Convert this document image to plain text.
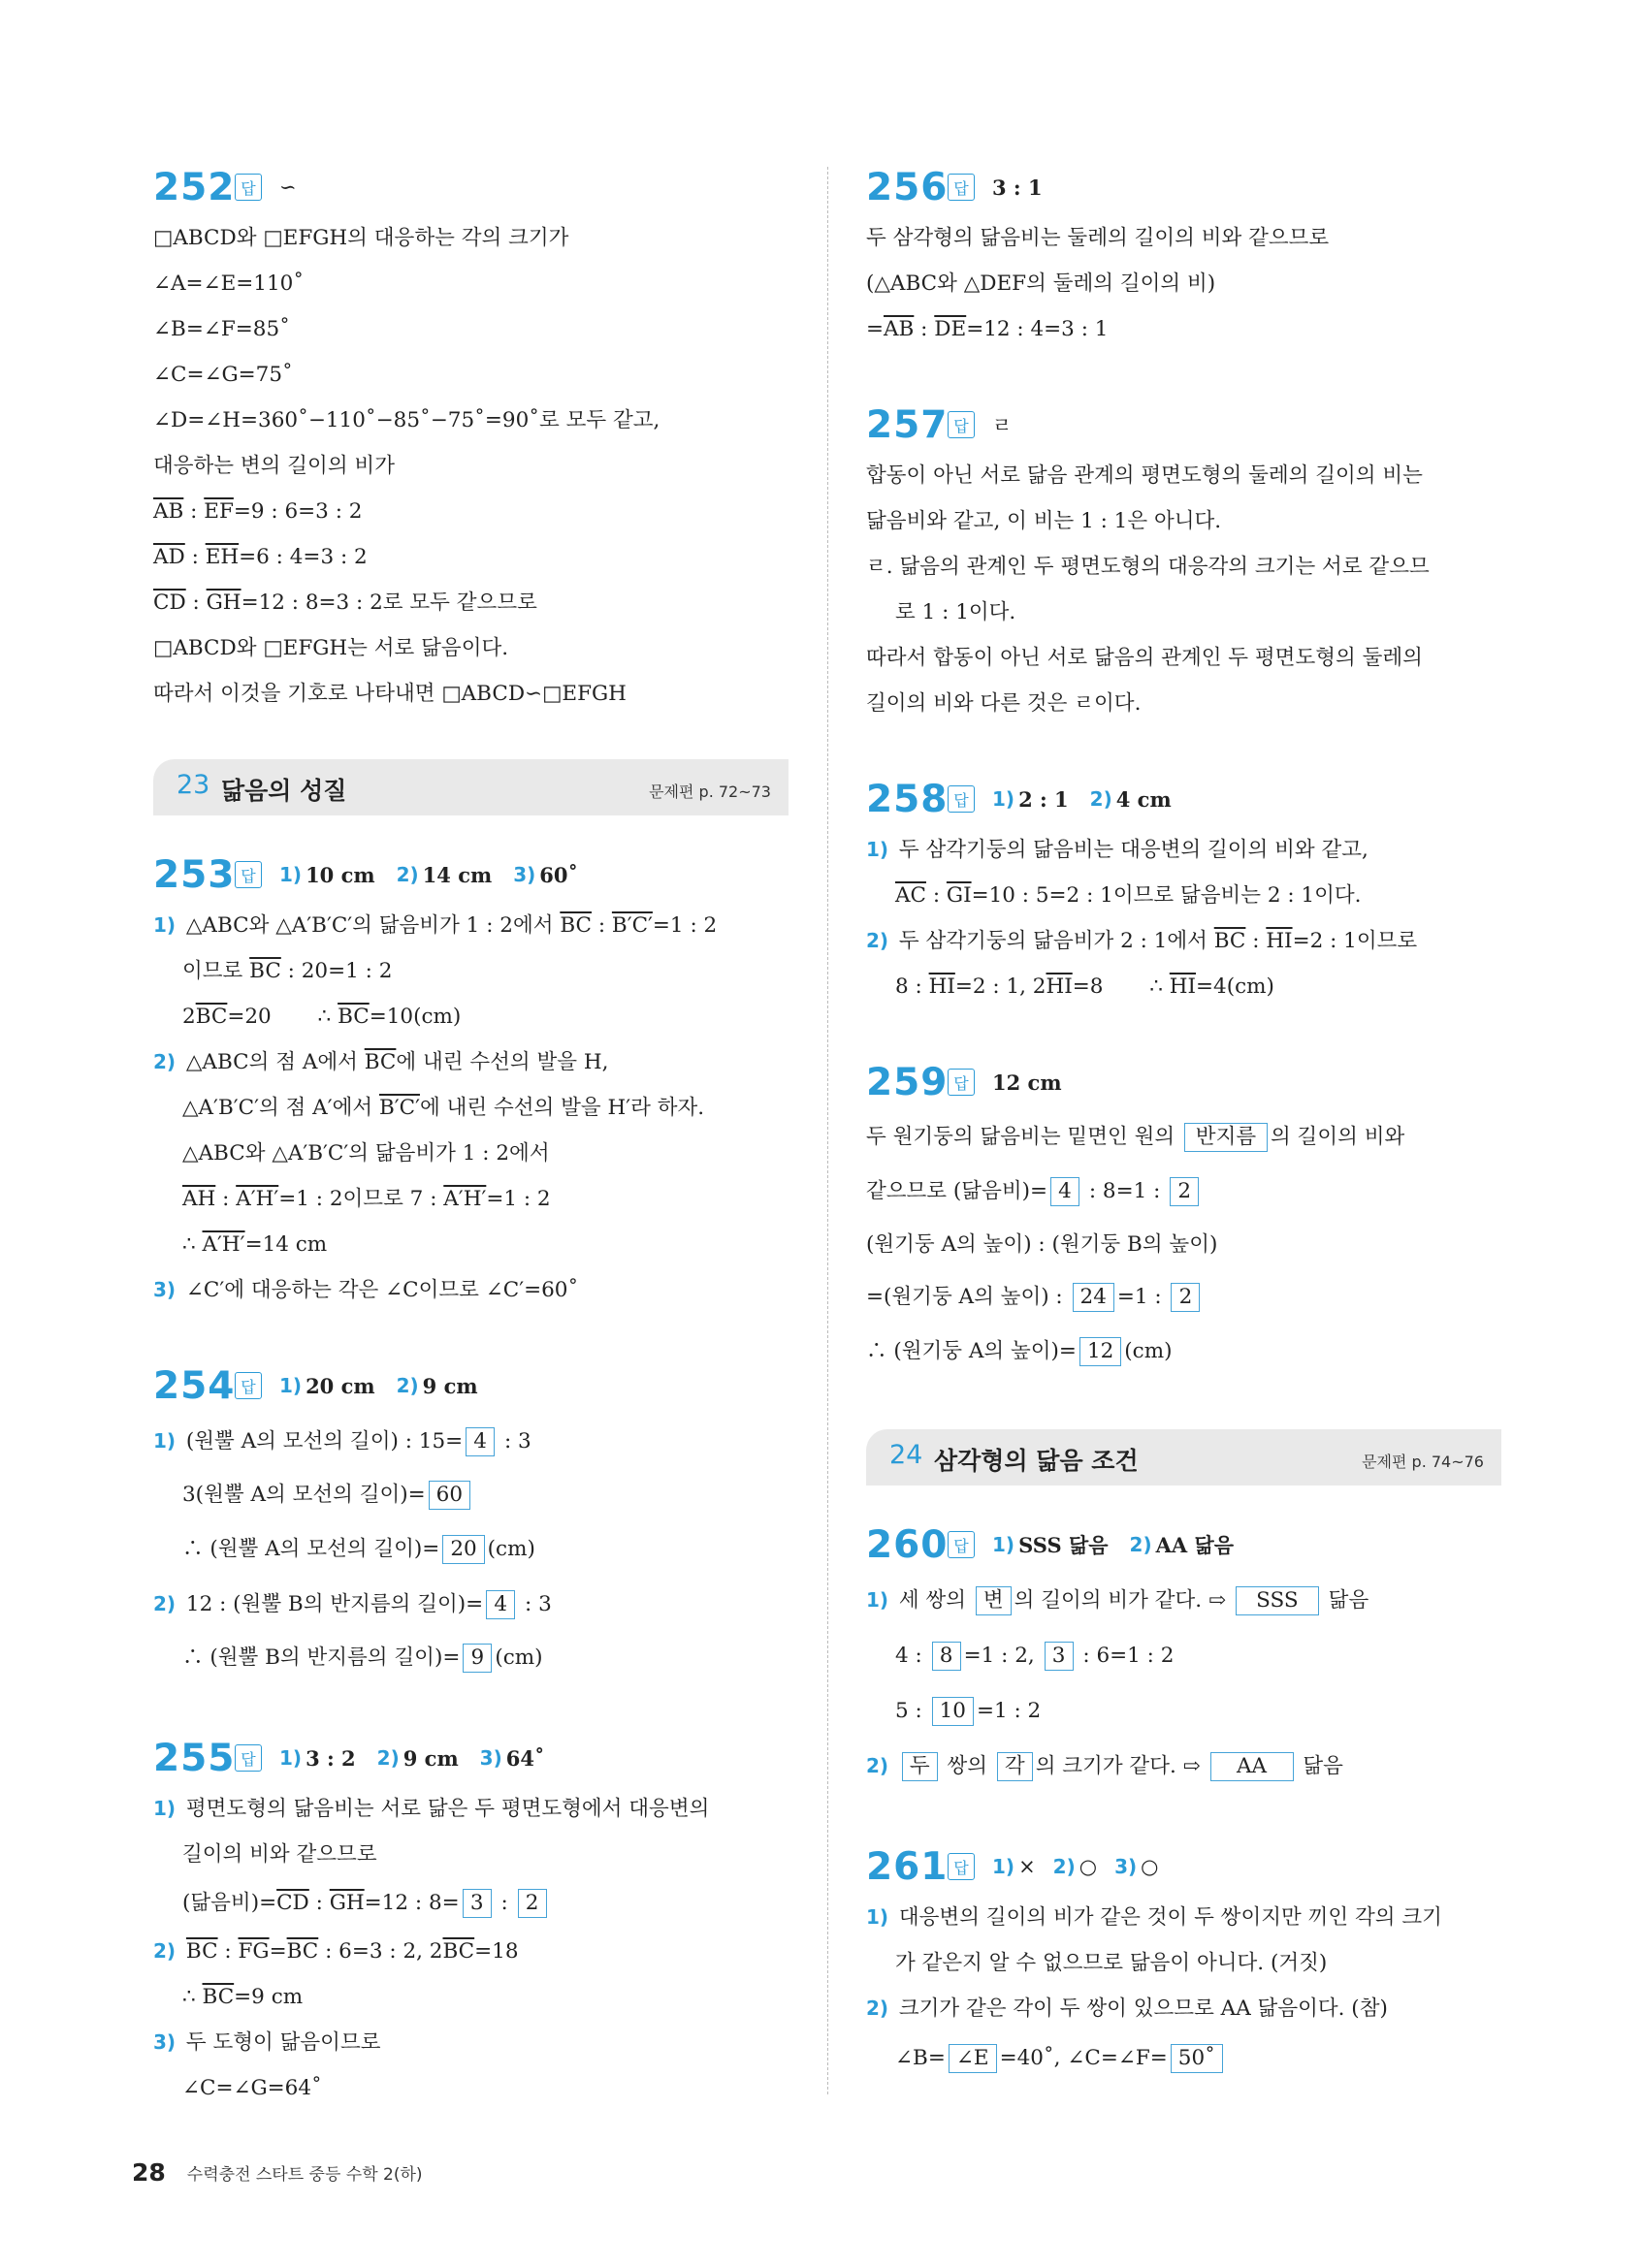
252 답 ∽
□ABCD와 □EFGH의 대응하는 각의 크기가
∠A=∠E=110˚
∠B=∠F=85˚
∠C=∠G=75˚
∠D=∠H=360˚−110˚−85˚−75˚=90˚로 모두 같고,
대응하는 변의 길이의 비가
$\overline{AB}$ : $\overline{EF}=9$ : 6=3 : 2
$\overline{AD}$ : $\overline{EH}=6$ : 4=3 : 2
$\overline{CD}$ : $\overline{GH}=12$ : 8=3 : 2로 모두 같으므로
□ABCD와 □EFGH는 서로 닮음이다.
따라서 이것을 기호로 나타내면 □ABCD∽□EFGH
23 닮음의 성질	문제편 p. 72~73
253 답	1) 10 cm 2) 14 cm 3) 60˚
1) △ABC와 △A′B′C′의 닮음비가 1 : 2에서 $\overline{BC}$ : B′C′=1 : 2
이므로 $\overline{BC}$ : 20=1 : 2
$2\overline{BC}=20$       ∴ $\overline{BC}=10(cm)$
2) △ABC의 점 A에서 $\overline{BC}$에 내린 수선의 발을 H,
△A′B′C′의 점 A′에서 B′C′에 내린 수선의 발을 H′라 하자.
△ABC와 △A′B′C′의 닮음비가 1 : 2에서
$\overline{AH}$ : A′H′=1 : 2이므로 7 : A′H′=1 : 2
∴ A′H′=14 cm
3) ∠C′에 대응하는 각은 ∠C이므로 ∠C′=60˚
254 답	1) 20 cm 2) 9 cm
1) (원뿔 A의 모선의 길이) : 15= 4 : 3
3(원뿔 A의 모선의 길이)= 60
∴ (원뿔 A의 모선의 길이)= 20 (cm)
2) 12 : (원뿔 B의 반지름의 길이)= 4 : 3
∴ (원뿔 B의 반지름의 길이)= 9 (cm)
255 답	1) 3 : 2 2) 9 cm 3) 64˚
1) 평면도형의 닮음비는 서로 닮은 두 평면도형에서 대응변의
길이의 비와 같으므로
(닮음비)$=\overline{CD}$ : $\overline{GH}=12$ : 8= 3 : 2
2) $\overline{BC}$ : $\overline{FG}=\overline{BC}$ : 6=3 : 2, $2\overline{BC}=18$
∴ $\overline{BC}=9$ cm
3) 두 도형이 닮음이므로
∠C=∠G=64˚
256 답 3 : 1
두 삼각형의 닮음비는 둘레의 길이의 비와 같으므로
(△ABC와 △DEF의 둘레의 길이의 비)
$=\overline{AB}$ : $\overline{DE}=12$ : 4=3 : 1
257 답 ㄹ
합동이 아닌 서로 닮음 관계의 평면도형의 둘레의 길이의 비는
닮음비와 같고, 이 비는 1 : 1은 아니다.
ㄹ. 닮음의 관계인 두 평면도형의 대응각의 크기는 서로 같으므
로 1 : 1이다.
따라서 합동이 아닌 서로 닮음의 관계인 두 평면도형의 둘레의
길이의 비와 다른 것은 ㄹ이다.
258 답	1) 2 : 1 2) 4 cm
1) 두 삼각기둥의 닮음비는 대응변의 길이의 비와 같고,
$\overline{AC}$ : $\overline{GI}=10$ : 5=2 : 1이므로 닮음비는 2 : 1이다.
2) 두 삼각기둥의 닮음비가 2 : 1에서 $\overline{BC}$ : $\overline{HI}=2$ : 1이므로
8 : $\overline{HI}=2$ : 1, $2\overline{HI}=8$       ∴ $\overline{HI}=4(cm)$
259 답 12 cm
두 원기둥의 닮음비는 밑면인 원의 반지름 의 길이의 비와
같으므로 (닮음비)= 4 : 8=1 : 2
(원기둥 A의 높이) : (원기둥 B의 높이)
=(원기둥 A의 높이) : 24 =1 : 2
∴ (원기둥 A의 높이)= 12 (cm)
24 삼각형의 닮음 조건	문제편 p. 74~76
260 답	1) SSS 닮음 2) AA 닮음
1) 세 쌍의 변 의 길이의 비가 같다. ⇨ SSS 닮음
4 : 8 =1 : 2, 3 : 6=1 : 2
5 : 10 =1 : 2
2) 두 쌍의 각 의 크기가 같다. ⇨ AA 닮음
261 답	1) × 2) ○ 3) ○
1) 대응변의 길이의 비가 같은 것이 두 쌍이지만 끼인 각의 크기
가 같은지 알 수 없으므로 닮음이 아니다. (거짓)
2) 크기가 같은 각이 두 쌍이 있으므로 AA 닮음이다. (참)
∠B= ∠E =40˚, ∠C=∠F= 50˚
28 수력충전 스타트 중등 수학 2(하)
